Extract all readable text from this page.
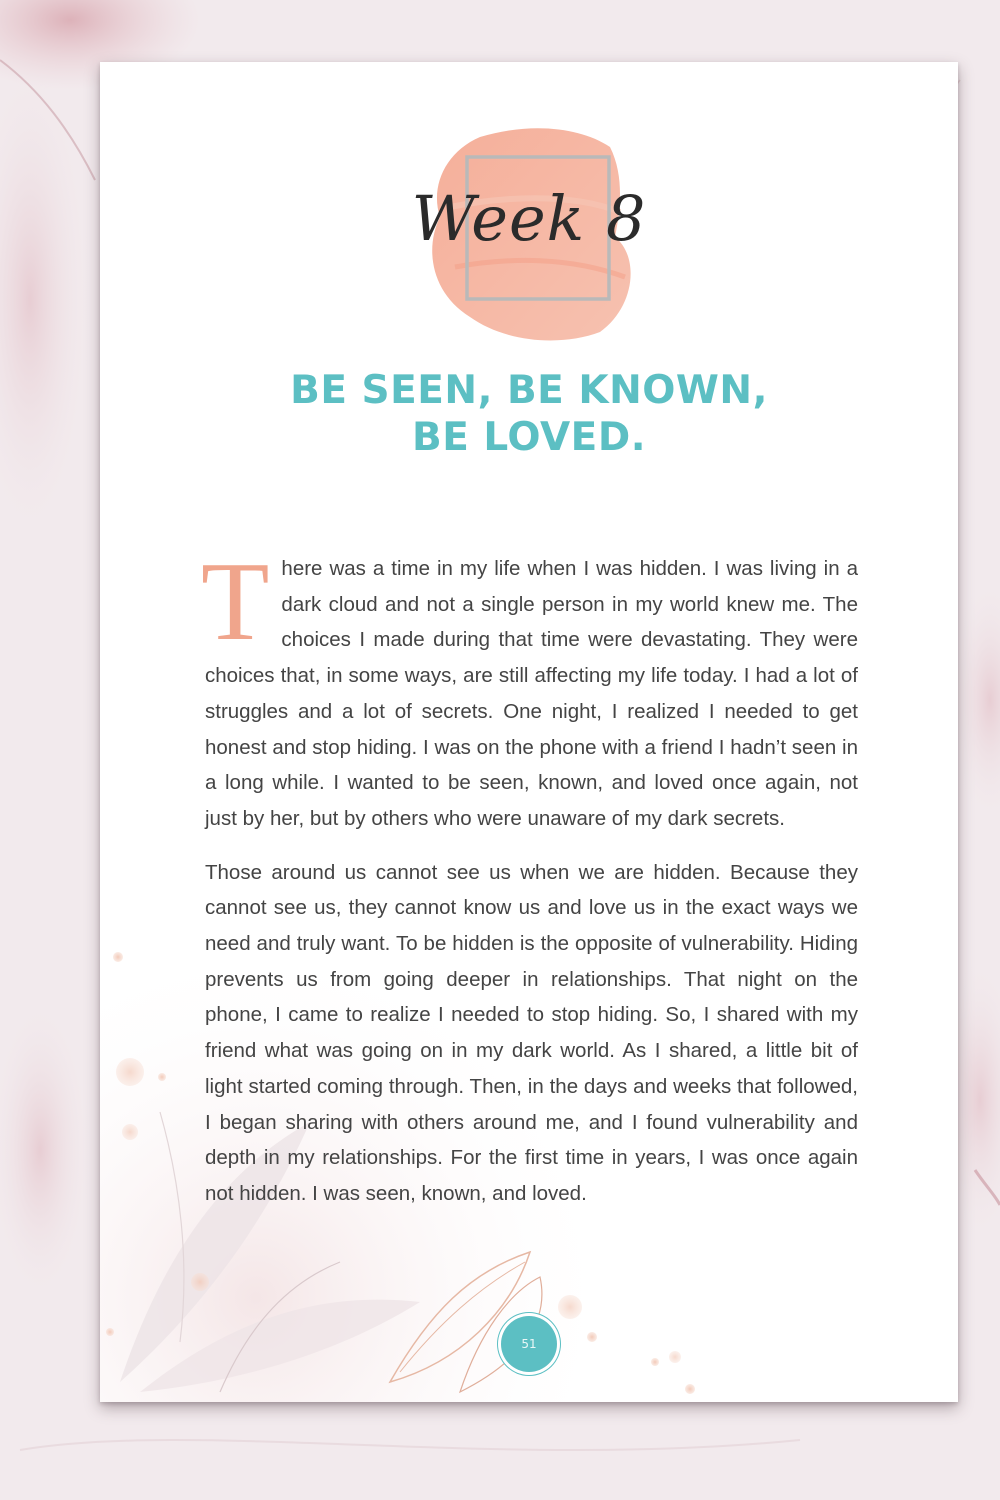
Week 8
BE SEEN, BE KNOWN,
BE LOVED.

There was a time in my life when I was hidden. I was living in a dark cloud and not a single person in my world knew me. The choices I made during that time were devastating. They were choices that, in some ways, are still affecting my life today. I had a lot of struggles and a lot of secrets. One night, I realized I needed to get honest and stop hiding. I was on the phone with a friend I hadn’t seen in a long while. I wanted to be seen, known, and loved once again, not just by her, but by others who were unaware of my dark secrets.

Those around us cannot see us when we are hidden. Because they cannot see us, they cannot know us and love us in the exact ways we need and truly want. To be hidden is the opposite of vulnerability. Hiding prevents us from going deeper in relationships. That night on the phone, I came to realize I needed to stop hiding. So, I shared with my friend what was going on in my dark world. As I shared, a little bit of light started coming through. Then, in the days and weeks that followed, I began sharing with others around me, and I found vulnerability and depth in my relationships. For the first time in years, I was once again not hidden. I was seen, known, and loved.

51
